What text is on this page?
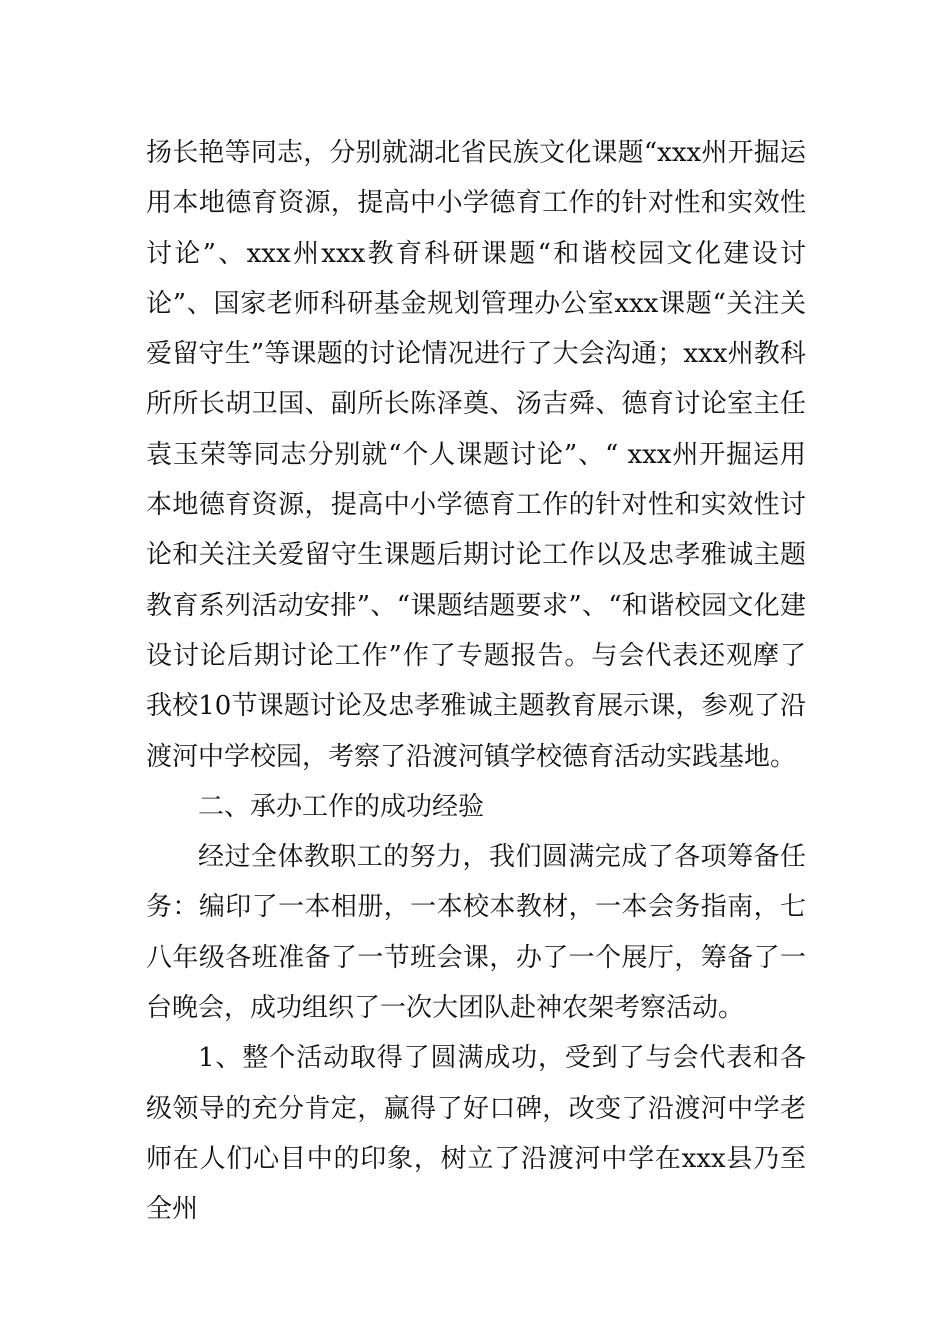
扬长艳等同志，分别就湖北省民族文化课题“xxx州开掘运用本地德育资源，提高中小学德育工作的针对性和实效性讨论”、xxx州xxx教育科研课题“和谐校园文化建设讨论”、国家老师科研基金规划管理办公室xxx课题“关注关爱留守生”等课题的讨论情况进行了大会沟通；xxx州教科所所长胡卫国、副所长陈泽奠、汤吉舜、德育讨论室主任袁玉荣等同志分别就“个人课题讨论”、“ xxx州开掘运用本地德育资源，提高中小学德育工作的针对性和实效性讨论和关注关爱留守生课题后期讨论工作以及忠孝雅诚主题教育系列活动安排”、“课题结题要求”、“和谐校园文化建设讨论后期讨论工作”作了专题报告。与会代表还观摩了我校10节课题讨论及忠孝雅诚主题教育展示课，参观了沿渡河中学校园，考察了沿渡河镇学校德育活动实践基地。

二、承办工作的成功经验

经过全体教职工的努力，我们圆满完成了各项筹备任务：编印了一本相册，一本校本教材，一本会务指南，七八年级各班准备了一节班会课，办了一个展厅，筹备了一台晚会，成功组织了一次大团队赴神农架考察活动。

1、整个活动取得了圆满成功，受到了与会代表和各级领导的充分肯定，赢得了好口碑，改变了沿渡河中学老师在人们心目中的印象，树立了沿渡河中学在xxx县乃至全州
